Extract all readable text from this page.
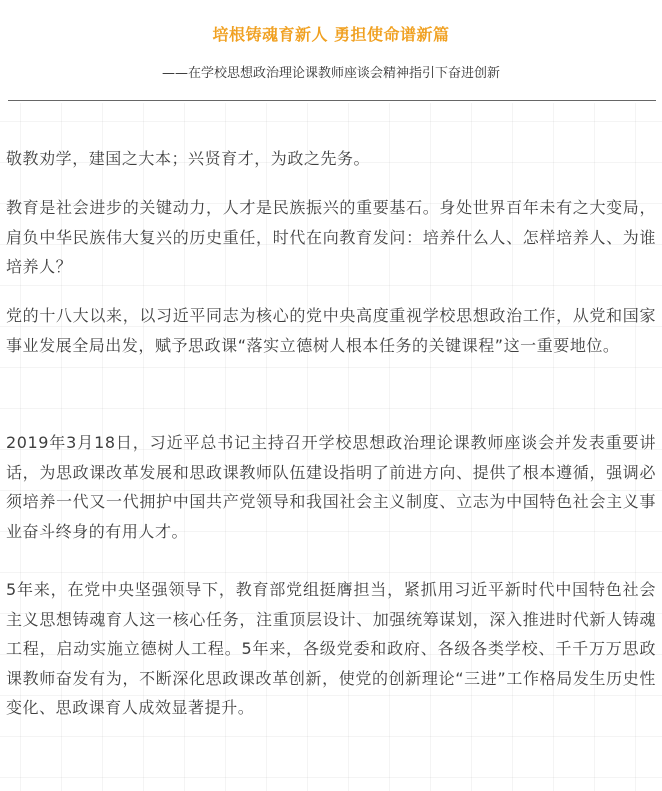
培根铸魂育新人 勇担使命谱新篇
——在学校思想政治理论课教师座谈会精神指引下奋进创新

敬教劝学，建国之大本；兴贤育才，为政之先务。

教育是社会进步的关键动力，人才是民族振兴的重要基石。身处世界百年未有之大变局，肩负中华民族伟大复兴的历史重任，时代在向教育发问：培养什么人、怎样培养人、为谁培养人？

党的十八大以来，以习近平同志为核心的党中央高度重视学校思想政治工作，从党和国家事业发展全局出发，赋予思政课“落实立德树人根本任务的关键课程”这一重要地位。

2019年3月18日，习近平总书记主持召开学校思想政治理论课教师座谈会并发表重要讲话，为思政课改革发展和思政课教师队伍建设指明了前进方向、提供了根本遵循，强调必须培养一代又一代拥护中国共产党领导和我国社会主义制度、立志为中国特色社会主义事业奋斗终身的有用人才。

5年来，在党中央坚强领导下，教育部党组挺膺担当，紧抓用习近平新时代中国特色社会主义思想铸魂育人这一核心任务，注重顶层设计、加强统筹谋划，深入推进时代新人铸魂工程，启动实施立德树人工程。5年来，各级党委和政府、各级各类学校、千千万万思政课教师奋发有为，不断深化思政课改革创新，使党的创新理论“三进”工作格局发生历史性变化、思政课育人成效显著提升。
